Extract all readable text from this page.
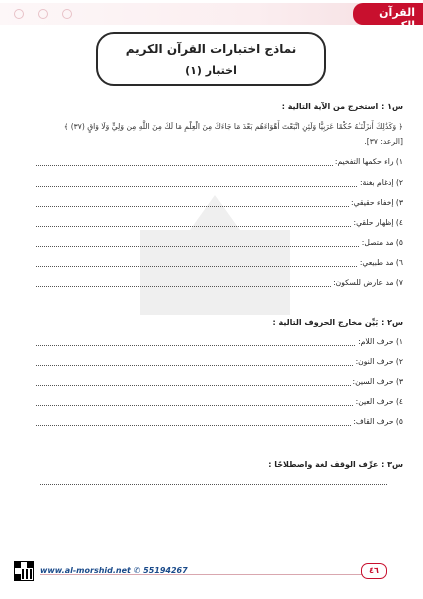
القرآن الكريم
نماذج اختبارات القرآن الكريم
اختبار (١)
س١ : استخرج من الآية التالية :
﴿ وَكَذَٰلِكَ أَنزَلْنَـٰهُ حُكْمًا عَرَبِيًّا وَلَئِنِ اتَّبَعْتَ أَهْوَاءَهُم بَعْدَ مَا جَاءَكَ مِنَ الْعِلْمِ مَا لَكَ مِنَ اللَّهِ مِن وَلِيٍّ وَلَا وَاقٍ (٣٧) ﴾
[الرعد: ٣٧].
١) راء حكمها التفخيم:
٢) إدغام بغنة:
٣) إخفاء حقيقي:
٤) إظهار حلقي:
٥) مد متصل:
٦) مد طبيعي:
٧) مد عارض للسكون:
س٢ : بَيِّن مخارج الحروف التالية :
١) حرف اللام:
٢) حرف النون:
٣) حرف السين:
٤) حرف العين:
٥) حرف القاف:
س٣ : عرِّف الوقف لغة واصطلاحًا :
www.al-morshid.net ✆ 55194267	٤٦
